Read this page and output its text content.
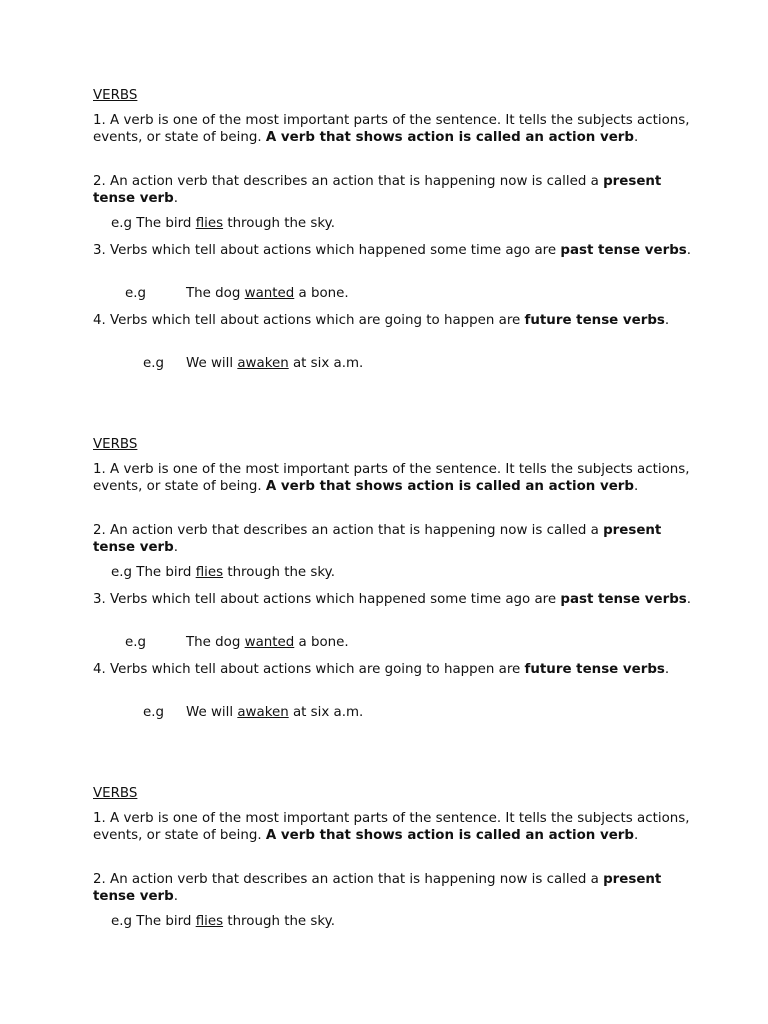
VERBS
1. A verb is one of the most important parts of the sentence. It tells the subjects actions, events, or state of being. A verb that shows action is called an action verb.
2. An action verb that describes an action that is happening now is called a present tense verb.
e.g The bird flies through the sky.
3. Verbs which tell about actions which happened some time ago are past tense verbs.
e.g	The dog wanted a bone.
4. Verbs which tell about actions which are going to happen are future tense verbs.
e.g We will awaken at six a.m.
VERBS
1. A verb is one of the most important parts of the sentence. It tells the subjects actions, events, or state of being. A verb that shows action is called an action verb.
2. An action verb that describes an action that is happening now is called a present tense verb.
e.g The bird flies through the sky.
3. Verbs which tell about actions which happened some time ago are past tense verbs.
e.g	The dog wanted a bone.
4. Verbs which tell about actions which are going to happen are future tense verbs.
e.g We will awaken at six a.m.
VERBS
1. A verb is one of the most important parts of the sentence. It tells the subjects actions, events, or state of being. A verb that shows action is called an action verb.
2. An action verb that describes an action that is happening now is called a present tense verb.
e.g The bird flies through the sky.
